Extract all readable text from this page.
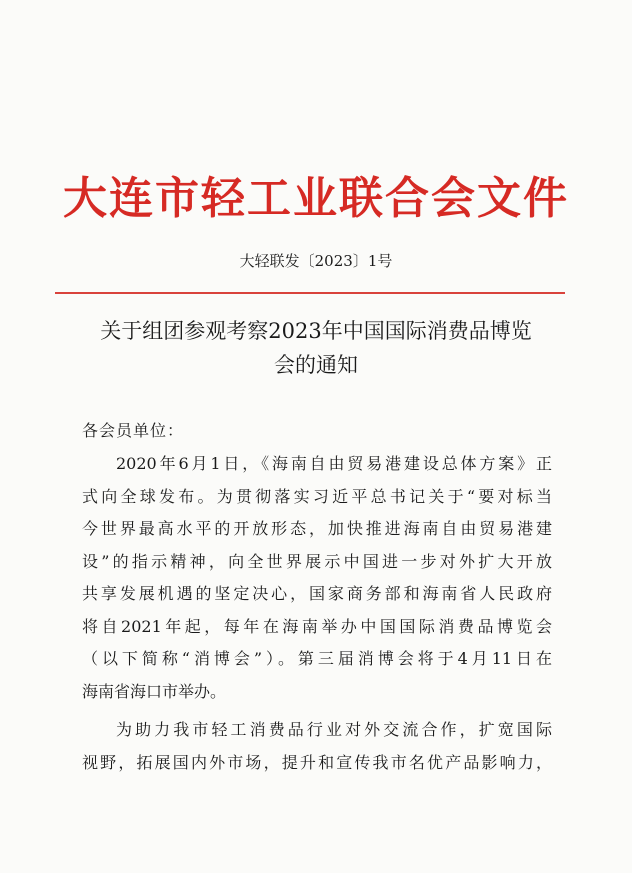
大连市轻工业联合会文件
大轻联发〔2023〕1号
关于组团参观考察2023年中国国际消费品博览
会的通知
各会员单位：
2020年6月1日，《海南自由贸易港建设总体方案》正
式向全球发布。为贯彻落实习近平总书记关于“要对标当
今世界最高水平的开放形态，加快推进海南自由贸易港建
设”的指示精神，向全世界展示中国进一步对外扩大开放
共享发展机遇的坚定决心，国家商务部和海南省人民政府
将自2021年起，每年在海南举办中国国际消费品博览会
（以下简称“消博会”）。第三届消博会将于4月11日在
海南省海口市举办。
为助力我市轻工消费品行业对外交流合作，扩宽国际
视野，拓展国内外市场，提升和宣传我市名优产品影响力，
